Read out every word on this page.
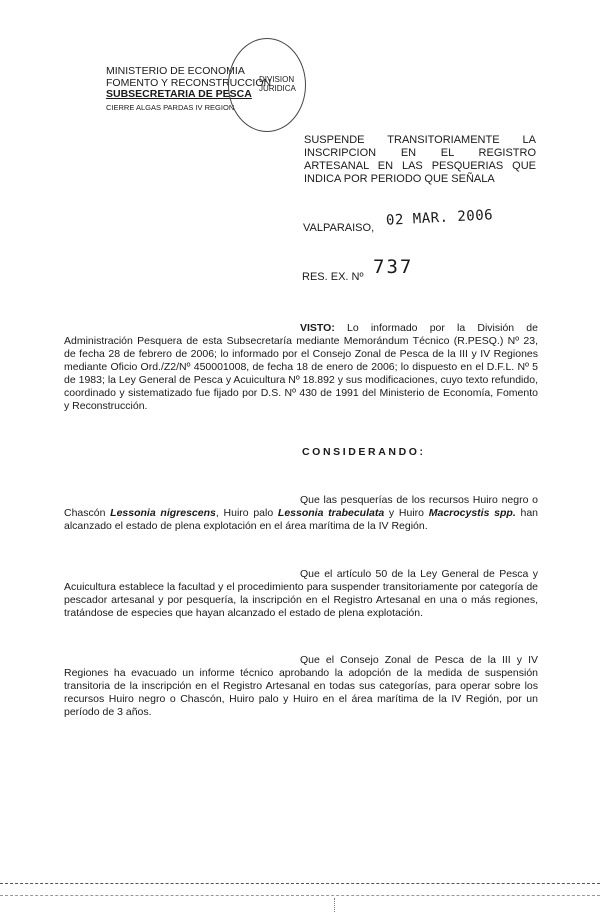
MINISTERIO DE ECONOMIA
FOMENTO Y RECONSTRUCCION
SUBSECRETARIA DE PESCA
CIERRE ALGAS PARDAS IV REGION
DIVISION
JURIDICA
SUSPENDE TRANSITORIAMENTE LA INSCRIPCION EN EL REGISTRO ARTESANAL EN LAS PESQUERIAS QUE INDICA POR PERIODO QUE SEÑALA
VALPARAISO, 02 MAR. 2006
RES. EX. Nº 737
VISTO: Lo informado por la División de Administración Pesquera de esta Subsecretaría mediante Memorándum Técnico (R.PESQ.) Nº 23, de fecha 28 de febrero de 2006; lo informado por el Consejo Zonal de Pesca de la III y IV Regiones mediante Oficio Ord./Z2/Nº 450001008, de fecha 18 de enero de 2006; lo dispuesto en el D.F.L. Nº 5 de 1983; la Ley General de Pesca y Acuicultura Nº 18.892 y sus modificaciones, cuyo texto refundido, coordinado y sistematizado fue fijado por D.S. Nº 430 de 1991 del Ministerio de Economía, Fomento y Reconstrucción.
CONSIDERANDO:
Que las pesquerías de los recursos Huiro negro o Chascón Lessonia nigrescens, Huiro palo Lessonia trabeculata y Huiro Macrocystis spp. han alcanzado el estado de plena explotación en el área marítima de la IV Región.
Que el artículo 50 de la Ley General de Pesca y Acuicultura establece la facultad y el procedimiento para suspender transitoriamente por categoría de pescador artesanal y por pesquería, la inscripción en el Registro Artesanal en una o más regiones, tratándose de especies que hayan alcanzado el estado de plena explotación.
Que el Consejo Zonal de Pesca de la III y IV Regiones ha evacuado un informe técnico aprobando la adopción de la medida de suspensión transitoria de la inscripción en el Registro Artesanal en todas sus categorías, para operar sobre los recursos Huiro negro o Chascón, Huiro palo y Huiro en el área marítima de la IV Región, por un período de 3 años.
